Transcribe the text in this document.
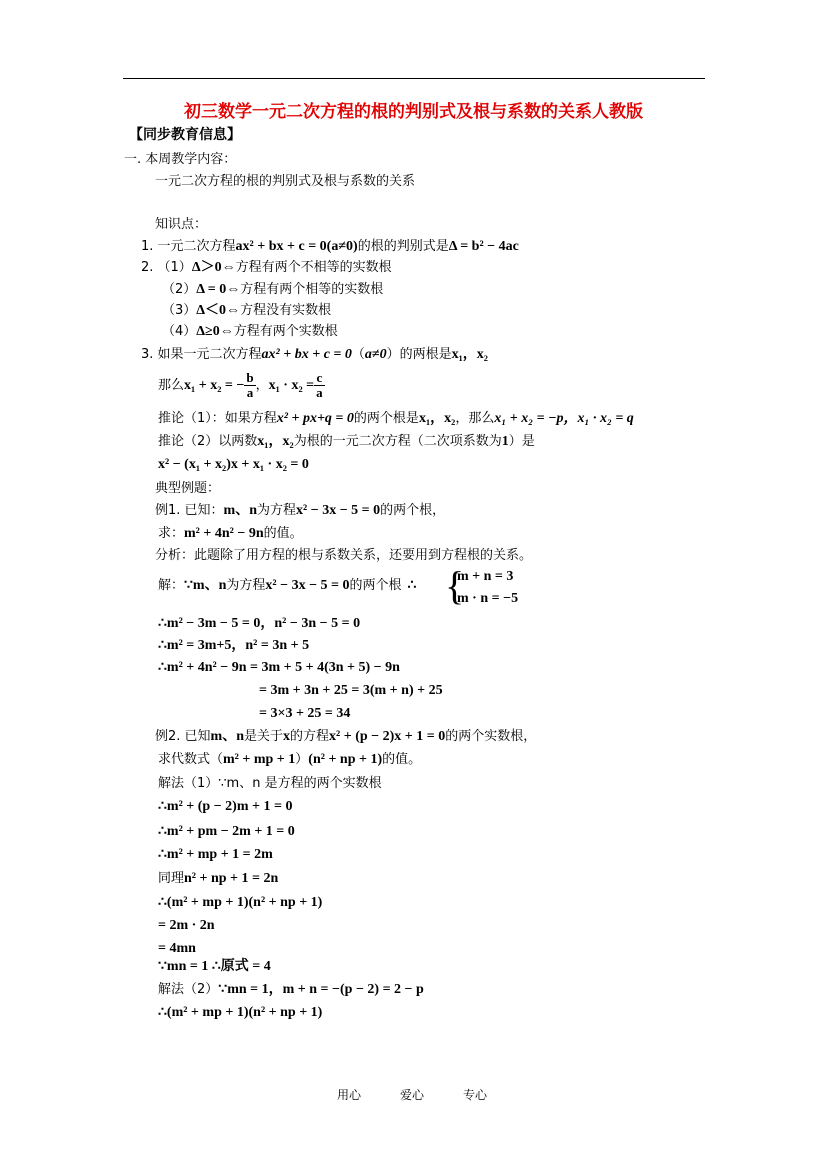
初三数学一元二次方程的根的判别式及根与系数的关系人教版
【同步教育信息】
一. 本周教学内容：
一元二次方程的根的判别式及根与系数的关系
知识点：
1. 一元二次方程ax² + bx + c = 0(a≠0)的根的判别式是Δ = b² − 4ac
2. （1）Δ＞0⇔方程有两个不相等的实数根
（2）Δ = 0⇔方程有两个相等的实数根
（3）Δ＜0⇔方程没有实数根
（4）Δ≥0⇔方程有两个实数根
3. 如果一元二次方程ax² + bx + c = 0（a≠0）的两根是x₁，x₂
那么x₁ + x₂ = − $\frac{b}{a}$ ，$x_1 \cdot x_2 = \frac{c}{a}$
推论（1）：如果方程x² + px+q = 0的两个根是x₁，x₂，那么x₁ + x₂ = −p，x₁ · x₂ = q
推论（2）以两数x₁，x₂为根的一元二次方程（二次项系数为1）是
x² − (x₁ + x₂)x + x₁ · x₂ = 0
典型例题：
例1. 已知：m、n为方程x² − 3x − 5 = 0的两个根，
求：m² + 4n² − 9n的值。
分析：此题除了用方程的根与系数关系，还要用到方程根的关系。
解：∵m、n为方程x² − 3x − 5 = 0的两个根 ∴ {
m + n = 3
m · n = −5
∴m² − 3m − 5 = 0，n² − 3n − 5 = 0
∴m² = 3m+5，n² = 3n + 5
∴m² + 4n² − 9n = 3m + 5 + 4(3n + 5) − 9n
= 3m + 3n + 25 = 3(m + n) + 25
= 3×3 + 25 = 34
例2. 已知m、n是关于x的方程x² + (p − 2)x + 1 = 0的两个实数根，
求代数式（m² + mp + 1）(n² + np + 1)的值。
解法（1）∵m、n 是方程的两个实数根
∴m² + (p − 2)m + 1 = 0
∴m² + pm − 2m + 1 = 0
∴m² + mp + 1 = 2m
同理n² + np + 1 = 2n
∴(m² + mp + 1)(n² + np + 1)
= 2m · 2n
= 4mn
∵mn = 1 ∴原式 = 4
解法（2）∵mn = 1，m + n = −(p − 2) = 2 − p
∴(m² + mp + 1)(n² + np + 1)
用心	爱心	专心
